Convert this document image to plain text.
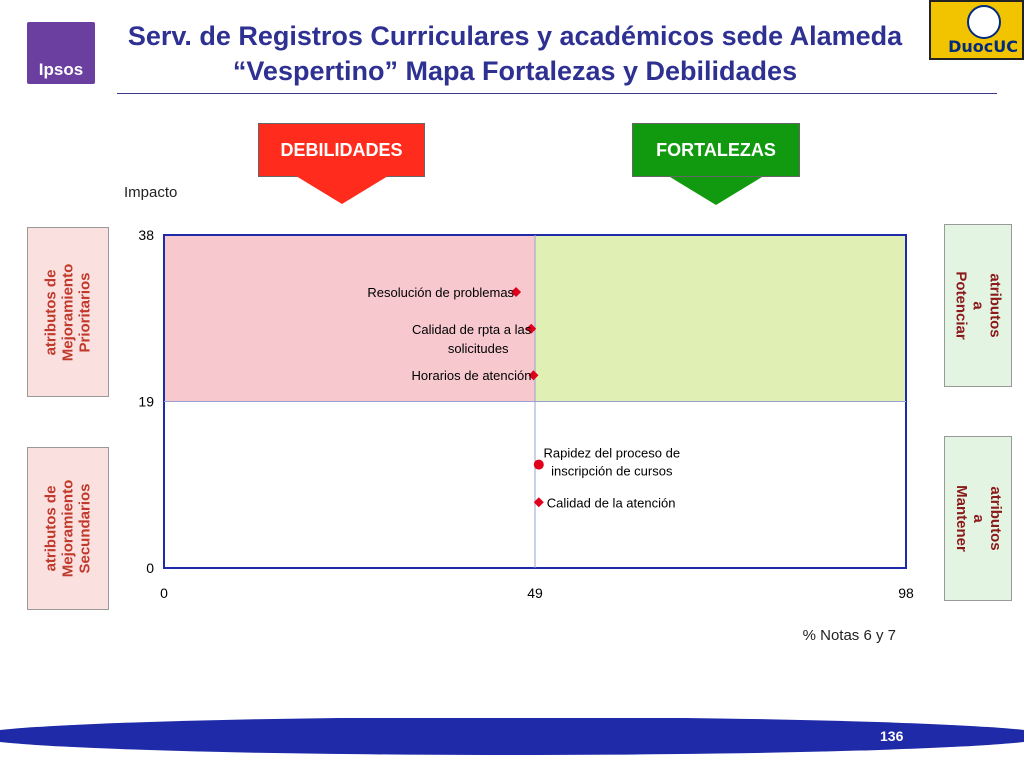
Ipsos
DuocUC
Serv. de Registros Curriculares y académicos sede Alameda
“Vespertino” Mapa Fortalezas y Debilidades
DEBILIDADES	FORTALEZAS
atributos de
Mejoramiento
Prioritarios
atributos de
Mejoramiento
Secundarios
atributos a
Potenciar
atributos a
Mantener
0
19
38
0	49	98
Impacto
% Notas 6 y 7
Resolución de problemas
Calidad de rpta a las solicitudes
Horarios de atención
Rapidez del proceso de inscripción de cursos
Calidad de la atención
136
